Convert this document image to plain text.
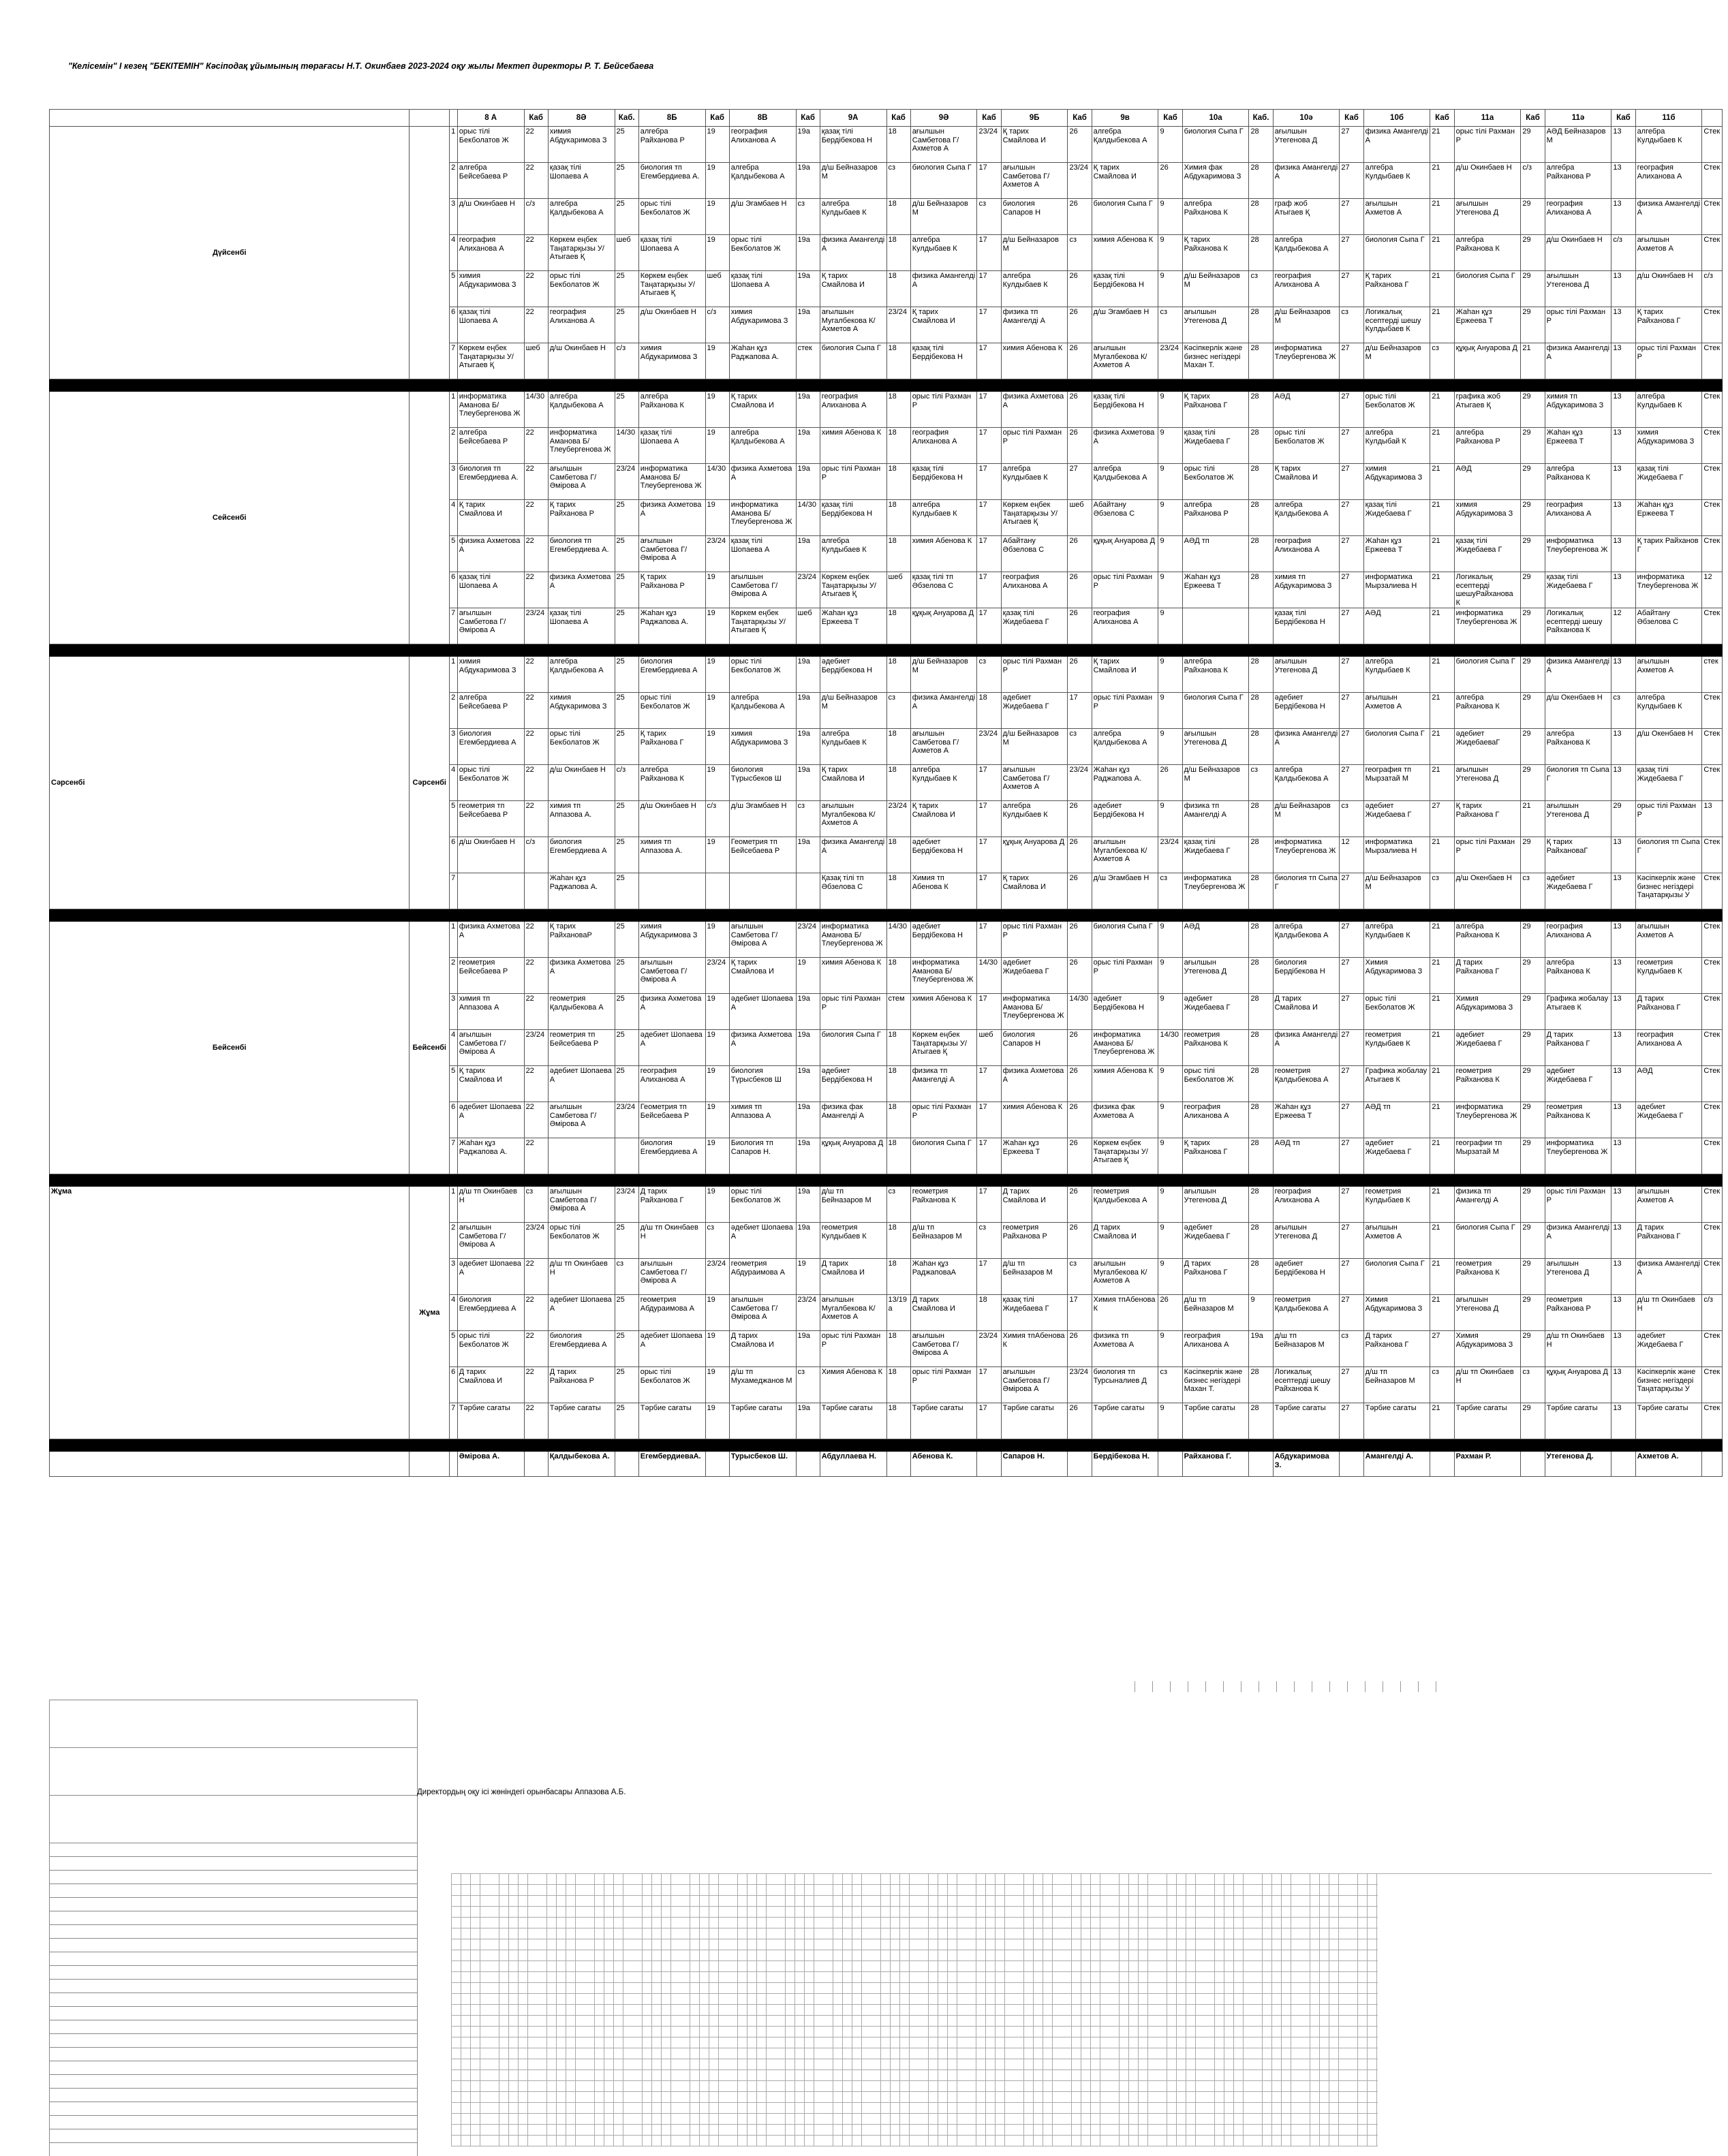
"Келісемін" І кезең "БЕКІТЕМІН" Кәсіподақ ұйымының төрағасы Н.Т. Окинбаев 2023-2024 оқу жылы Мектеп директоры Р. Т. Бейсебаева
			8 А	Каб	8Ә	Каб.	8Б	Каб	8В	Каб	9А	Каб	9Ә	Каб	9Б	Каб	9в	Каб	10а	Каб.	10ә	Каб	10б	Каб	11а	Каб	11ә	Каб	11б		
Дүйсенбі		1	орыс тілі Бекболатов Ж	22	химия Абдукаримова З	25	алгебра Райханова Р	19	география Алиханова А	19а	қазақ тілі Бердібекова Н	18	ағылшын Самбетова Г/Ахметов А	23/24	Қ тарих Смайлова И	26	алгебра Қалдыбекова А	9	биология Сыпа Г	28	ағылшын Утегенова Д	27	физика Амангелді А	21	орыс тілі Рахман Р	29	АӘД Бейназаров М	13	алгебра Кулдыбаев К	Стек	
		2	алгебра Бейсебаева Р	22	қазақ тілі Шопаева А	25	биология тп Егембердиева А.	19	алгебра Қалдыбекова А	19а	д/ш Бейназаров М	сз	биология Сыпа Г	17	ағылшын Самбетова Г/Ахметов А	23/24	Қ тарих Смайлова И	26	Химия фак Абдукаримова З	28	физика Амангелді А	27	алгебра Кулдыбаев К	21	д/ш Окинбаев Н	с/з	алгебра Райханова Р	13	география Алиханова А	Стек	
		3	д/ш Окинбаев Н	с/з	алгебра Қалдыбекова А	25	орыс тілі Бекболатов Ж	19	д/ш Эгамбаев Н	сз	алгебра Кулдыбаев К	18	д/ш Бейназаров М	сз	биология Сапаров Н	26	биология Сыпа Г	9	алгебра Райханова К	28	граф жоб Атыгаев Қ	27	ағылшын Ахметов А	21	ағылшын Утегенова Д	29	география Алиханова А	13	физика Амангелді А	Стек	
		4	география Алиханова А	22	Көркем еңбек Таңатарқызы У/Атыгаев Қ	шеб	қазақ тілі Шопаева А	19	орыс тілі Бекболатов Ж	19а	физика Амангелді А	18	алгебра Кулдыбаев К	17	д/ш Бейназаров М	сз	химия Абенова К	9	Қ тарих Райханова К	28	алгебра Қалдыбекова А	27	биология Сыпа Г	21	алгебра Райханова К	29	д/ш Окинбаев Н	с/з	ағылшын Ахметов А	Стек	
		5	химия Абдукаримова З	22	орыс тілі Бекболатов Ж	25	Көркем еңбек Таңатарқызы У/Атыгаев Қ	шеб	қазақ тілі Шопаева А	19а	Қ тарих Смайлова И	18	физика Амангелді А	17	алгебра Кулдыбаев К	26	қазақ тілі Бердібекова Н	9	д/ш Бейназаров М	сз	география Алиханова А	27	Қ тарих Райханова Г	21	биология Сыпа Г	29	ағылшын Утегенова Д	13	д/ш Окинбаев Н	с/з	
		6	қазақ тілі Шопаева А	22	география Алиханова А	25	д/ш Окинбаев Н	с/з	химия Абдукаримова З	19а	ағылшын Мугалбекова К/Ахметов А	23/24	Қ тарих Смайлова И	17	физика тп Амангелді А	26	д/ш Эгамбаев Н	сз	ағылшын Утегенова Д	28	д/ш Бейназаров М	сз	Логикалық есептерді шешу Кулдыбаев К	21	Жаһан құз Ержеева Т	29	орыс тілі Рахман Р	13	Қ тарих Райханова Г	Стек	
		7	Көркем еңбек Таңатарқызы У/Атыгаев Қ	шеб	д/ш Окинбаев Н	с/з	химия Абдукаримова З	19	Жаһан құз Раджапова А.	стек	биология Сыпа Г	18	қазақ тілі Бердібекова Н	17	химия Абенова К	26	ағылшын Мугалбекова К/Ахметов А	23/24	Кәсіпкерлік және бизнес негіздері Махан Т.	28	информатика Тлеубергенова Ж	27	д/ш Бейназаров М	сз	құқық Ануарова Д	21	физика Амангелді А	13	орыс тілі Рахман Р	Стек	

Сейсенбі		1	информатика Аманова Б/Тлеубергенова Ж	14/30	алгебра Қалдыбекова А	25	алгебра Райханова К	19	Қ тарих Смайлова И	19а	география Алиханова А	18	орыс тілі Рахман Р	17	физика Ахметова А	26	қазақ тілі Бердібекова Н	9	Қ тарих Райханова Г	28	АӘД	27	орыс тілі Бекболатов Ж	21	графика жоб Атыгаев Қ	29	химия тп Абдукаримова З	13	алгебра Кулдыбаев К	Стек	
		2	алгебра Бейсебаева Р	22	информатика Аманова Б/Тлеубергенова Ж	14/30	қазақ тілі Шопаева А	19	алгебра Қалдыбекова А	19а	химия Абенова К	18	география Алиханова А	17	орыс тілі Рахман Р	26	физика Ахметова А	9	қазақ тілі Жидебаева Г	28	орыс тілі Бекболатов Ж	27	алгебра Кулдыбай К	21	алгебра Райханова Р	29	Жаһан құз Ержеева Т	13	химия Абдукаримова З	Стек	
		3	биология тп Егембердиева А.	22	ағылшын Самбетова Г/Әмірова А	23/24	информатика Аманова Б/Тлеубергенова Ж	14/30	физика Ахметова А	19а	орыс тілі Рахман Р	18	қазақ тілі Бердібекова Н	17	алгебра Кулдыбаев К	27	алгебра Қалдыбекова А	9	орыс тілі Бекболатов Ж	28	Қ тарих Смайлова И	27	химия Абдукаримова З	21	АӘД	29	алгебра Райханова К	13	қазақ тілі Жидебаева Г	Стек	
		4	Қ тарих Смайлова И	22	Қ тарих Райханова Р	25	физика Ахметова А	19	информатика Аманова Б/Тлеубергенова Ж	14/30	қазақ тілі Бердібекова Н	18	алгебра Кулдыбаев К	17	Көркем еңбек Таңатарқызы У/Атыгаев Қ	шеб	Абайтану Әбзелова С	9	алгебра Райханова Р	28	алгебра Қалдыбекова А	27	қазақ тілі Жидебаева Г	21	химия Абдукаримова З	29	география Алиханова А	13	Жаһан құз Ержеева Т	Стек	
		5	физика Ахметова А	22	биология тп Егембердиева А.	25	ағылшын Самбетова Г/Әмірова А	23/24	қазақ тілі Шопаева А	19а	алгебра Кулдыбаев К	18	химия Абенова К	17	Абайтану Әбзелова С	26	құқық Ануарова Д	9	АӘД тп	28	география Алиханова А	27	Жаһан құз Ержеева Т	21	қазақ тілі Жидебаева Г	29	информатика Тлеубергенова Ж	13	Қ тарих Райханов Г	Стек	
		6	қазақ тілі Шопаева А	22	физика Ахметова А	25	Қ тарих Райханова Р	19	ағылшын Самбетова Г/Әмірова А	23/24	Көркем еңбек Таңатарқызы У/Атыгаев Қ	шеб	қазақ тілі тп Әбзелова С	17	география Алиханова А	26	орыс тілі Рахман Р	9	Жаһан құз Ержеева Т	28	химия тп Абдукаримова З	27	информатика Мырзалиева Н	21	Логикалық есептерді шешуРайханова К	29	қазақ тілі Жидебаева Г	13	информатика Тлеубергенова Ж	12	
		7	ағылшын Самбетова Г/Әмірова А	23/24	қазақ тілі Шопаева А	25	Жаһан құз Раджапова А.	19	Көркем еңбек Таңатарқызы У/Атыгаев Қ	шеб	Жаһан құз Ержеева Т	18	құқық Ануарова Д	17	қазақ тілі Жидебаева Г	26	география Алиханова А	9			қазақ тілі Бердібекова Н	27	АӘД	21	информатика Тлеубергенова Ж	29	Логикалық есептерді шешу Райханова К	12	Абайтану Әбзелова С	Стек	

Сәрсенбі	Сәрсенбі	1	химия Абдукаримова З	22	алгебра Қалдыбекова А	25	биология Егембердиева А	19	орыс тілі Бекболатов Ж	19а	әдебиет Бердібекова Н	18	д/ш Бейназаров М	сз	орыс тілі Рахман Р	26	Қ тарих Смайлова И	9	алгебра Райханова К	28	ағылшын Утегенова Д	27	алгебра Кулдыбаев К	21	биология Сыпа Г	29	физика Амангелді А	13	ағылшын Ахметов А	стек	
		2	алгебра Бейсебаева Р	22	химия Абдукаримова З	25	орыс тілі Бекболатов Ж	19	алгебра Қалдыбекова А	19а	д/ш Бейназаров М	сз	физика Амангелді А	18	әдебиет Жидебаева Г	17	орыс тілі Рахман Р	9	биология Сыпа Г	28	әдебиет Бердібекова Н	27	ағылшын Ахметов А	21	алгебра Райханова К	29	д/ш Окенбаев Н	сз	алгебра Кулдыбаев К	Стек	
		3	биология Егембердиева А	22	орыс тілі Бекболатов Ж	25	Қ тарих Райханова Г	19	химия Абдукаримова З	19а	алгебра Кулдыбаев К	18	ағылшын Самбетова Г/Ахметов А	23/24	д/ш Бейназаров М	сз	алгебра Қалдыбекова А	9	ағылшын Утегенова Д	28	физика Амангелді А	27	биология Сыпа Г	21	әдебиет ЖидебаеваГ	29	алгебра Райханова К	13	д/ш Окенбаев Н	Стек	
		4	орыс тілі Бекболатов Ж	22	д/ш Окинбаев Н	с/з	алгебра Райханова К	19	биология Түрысбеков Ш	19а	Қ тарих Смайлова И	18	алгебра Кулдыбаев К	17	ағылшын Самбетова Г/Ахметов А	23/24	Жаһан құз Раджапова А.	26	д/ш Бейназаров М	сз	алгебра Қалдыбекова А	27	география тп Мырзатай М	21	ағылшын Утегенова Д	29	биология тп Сыпа Г	13	қазақ тілі Жидебаева Г	Стек	
		5	геометрия тп Бейсебаева Р	22	химия тп Аппазова А.	25	д/ш Окинбаев Н	с/з	д/ш Эгамбаев Н	сз	ағылшын Мугалбекова К/Ахметов А	23/24	Қ тарих Смайлова И	17	алгебра Кулдыбаев К	26	әдебиет Бердібекова Н	9	физика тп Амангелді А	28	д/ш Бейназаров М	сз	әдебиет Жидебаева Г	27	Қ тарих Райханова Г	21	ағылшын Утегенова Д	29	орыс тілі Рахман Р	13		
		6	д/ш Окинбаев Н	с/з	биология Егембердиева А	25	химия тп Аппазова А.	19	Геометрия тп Бейсебаева Р	19а	физика Амангелді А	18	әдебиет Бердібекова Н	17	құқық Ануарова Д	26	ағылшын Мугалбекова К/Ахметов А	23/24	қазақ тілі Жидебаева Г	28	информатика Тлеубергенова Ж	12	информатика Мырзалиева Н	21	орыс тілі Рахман Р	29	Қ тарих РайхановаГ	13	биология тп Сыпа Г	Стек	
		7			Жаһан құз Раджапова А.	25					Қазақ тілі тп Әбзелова С	18	Химия тп Абенова К	17	Қ тарих Смайлова И	26	д/ш Эгамбаев Н	сз	информатика Тлеубергенова Ж	28	биология тп Сыпа Г	27	д/ш Бейназаров М	сз	д/ш Окенбаев Н	сз	әдебиет Жидебаева Г	13	Кәсіпкерлік және бизнес негіздері Таңатарқызы У	Стек	

Бейсенбі	Бейсенбі	1	физика Ахметова А	22	Қ тарих РайхановаР	25	химия Абдукаримова З	19	ағылшын Самбетова Г/Әмірова А	23/24	информатика Аманова Б/Тлеубергенова Ж	14/30	әдебиет Бердібекова Н	17	орыс тілі Рахман Р	26	биология Сыпа Г	9	АӘД	28	алгебра Қалдыбекова А	27	алгебра Кулдыбаев К	21	алгебра Райханова К	29	география Алиханова А	13	ағылшын Ахметов А	Стек	
		2	геометрия Бейсебаева Р	22	физика Ахметова А	25	ағылшын Самбетова Г/Әмірова А	23/24	Қ тарих Смайлова И	19	химия Абенова К	18	информатика Аманова Б/Тлеубергенова Ж	14/30	әдебиет Жидебаева Г	26	орыс тілі Рахман Р	9	ағылшын Утегенова Д	28	биология Бердібекова Н	27	Химия Абдукаримова З	21	Д тарих Райханова Г	29	алгебра Райханова К	13	геометрия Кулдыбаев К	Стек	
		3	химия тп Аппазова А	22	геометрия Қалдыбекова А	25	физика Ахметова А	19	әдебиет Шопаева А	19а	орыс тілі Рахман Р	стем	химия Абенова К	17	информатика Аманова Б/Тлеубергенова Ж	14/30	әдебиет Бердібекова Н	9	әдебиет Жидебаева Г	28	Д тарих Смайлова И	27	орыс тілі Бекболатов Ж	21	Химия Абдукаримова З	29	Графика жобалау Атыгаев К	13	Д тарих Райханова Г	Стек	
		4	ағылшын Самбетова Г/Әмірова А	23/24	геометрия тп Бейсебаева Р	25	әдебиет Шопаева А	19	физика Ахметова А	19а	биология Сыпа Г	18	Көркем еңбек Таңатарқызы У/Атыгаев Қ	шеб	биология Сапаров Н	26	информатика Аманова Б/Тлеубергенова Ж	14/30	геометрия Райханова К	28	физика Амангелді А	27	геометрия Кулдыбаев К	21	әдебиет Жидебаева Г	29	Д тарих Райханова Г	13	география Алиханова А	Стек	
		5	Қ тарих Смайлова И	22	әдебиет Шопаева А	25	география Алиханова А	19	биология Түрысбеков Ш	19а	әдебиет Бердібекова Н	18	физика тп Амангелді А	17	физика Ахметова А	26	химия Абенова К	9	орыс тілі Бекболатов Ж	28	геометрия Қалдыбекова А	27	Графика жобалау Атыгаев К	21	геометрия Райханова К	29	әдебиет Жидебаева Г	13	АӘД	Стек	
		6	әдебиет Шопаева А	22	ағылшын Самбетова Г/Әмірова А	23/24	Геометрия тп Бейсебаева Р	19	химия тп Аппазова А	19а	физика фак Амангелді А	18	орыс тілі Рахман Р	17	химия Абенова К	26	физика фак Ахметова А	9	география Алиханова А	28	Жаһан құз Ержеева Т	27	АӘД тп	21	информатика Тлеубергенова Ж	29	геометрия Райханова К	13	әдебиет Жидебаева Г	Стек	
		7	Жаһан құз Раджапова А.	22			биология Егембердиева А	19	Биология тп Сапаров Н.	19а	құқық Ануарова Д	18	биология Сыпа Г	17	Жаһан құз Ержеева Т	26	Көркем еңбек Таңатарқызы У/Атыгаев Қ	9	Қ тарих Райханова Г	28	АӘД тп	27	әдебиет Жидебаева Г	21	географии тп Мырзатай М	29	информатика Тлеубергенова Ж	13		Стек	

Жұма	Жұма	1	д/ш тп Окинбаев Н	сз	ағылшын Самбетова Г/Әмірова А	23/24	Д тарих Райханова Г	19	орыс тілі Бекболатов Ж	19а	д/ш тп Бейназаров М	сз	геометрия Райханова К	17	Д тарих Смайлова И	26	геометрия Қалдыбекова А	9	ағылшын Утегенова Д	28	география Алиханова А	27	геометрия Кулдыбаев К	21	физика тп Амангелді А	29	орыс тілі Рахман Р	13	ағылшын Ахметов А	Стек	
		2	ағылшын Самбетова Г/Әмірова А	23/24	орыс тілі Бекболатов Ж	25	д/ш тп Окинбаев Н	сз	әдебиет Шопаева А	19а	геометрия Кулдыбаев К	18	д/ш тп Бейназаров М	сз	геометрия Райханова Р	26	Д тарих Смайлова И	9	әдебиет Жидебаева Г	28	ағылшын Утегенова Д	27	ағылшын Ахметов А	21	биология Сыпа Г	29	физика Амангелді А	13	Д тарих Райханова Г	Стек	
		3	әдебиет Шопаева А	22	д/ш тп Окинбаев Н	сз	ағылшын Самбетова Г/Әмірова А	23/24	геометрия Абдураимова А	19	Д тарих Смайлова И	18	Жаһан құз РаджаповаА	17	д/ш тп Бейназаров М	сз	ағылшын Мугалбекова К/Ахметов А	9	Д тарих Райханова Г	28	әдебиет Бердібекова Н	27	биология Сыпа Г	21	геометрия Райханова К	29	ағылшын Утегенова Д	13	физика Амангелді А	Стек	
		4	биология Егембердиева А	22	әдебиет Шопаева А	25	геометрия Абдураимова А	19	ағылшын Самбетова Г/Әмірова А	23/24	ағылшын Мугалбекова К/Ахметов А	13/19а	Д тарих Смайлова И	18	қазақ тілі Жидебаева Г	17	Химия тпАбенова К	26	д/ш тп Бейназаров М	9	геометрия Қалдыбекова А	27	Химия Абдукаримова З	21	ағылшын Утегенова Д	29	геометрия Райханова Р	13	д/ш тп Окинбаев Н	с/з	
		5	орыс тілі Бекболатов Ж	22	биология Егембердиева А	25	әдебиет Шопаева А	19	Д тарих Смайлова И	19а	орыс тілі Рахман Р	18	ағылшын Самбетова Г/Әмірова А	23/24	Химия тпАбенова К	26	физика тп Ахметова А	9	география Алиханова А	19а	д/ш тп Бейназаров М	сз	Д тарих Райханова Г	27	Химия Абдукаримова З	29	д/ш тп Окинбаев Н	13	әдебиет Жидебаева Г	Стек	
		6	Д тарих Смайлова И	22	Д тарих Райханова Р	25	орыс тілі Бекболатов Ж	19	д/ш тп Мухамеджанов М	сз	Химия Абенова К	18	орыс тілі Рахман Р	17	ағылшын Самбетова Г/Әмірова А	23/24	биология тп Турсыналиев Д	сз	Кәсіпкерлік және бизнес негіздері Махан Т.	28	Логикалық есептерді шешу Райханова К	27	д/ш тп Бейназаров М	сз	д/ш тп Окинбаев Н	сз	құқық Ануарова Д	13	Кәсіпкерлік және бизнес негіздері Таңатарқызы У	Стек	
		7	Тәрбие сағаты	22	Тәрбие сағаты	25	Тәрбие сағаты	19	Тәрбие сағаты	19а	Тәрбие сағаты	18	Тәрбие сағаты	17	Тәрбие сағаты	26	Тәрбие сағаты	9	Тәрбие сағаты	28	Тәрбие сағаты	27	Тәрбие сағаты	21	Тәрбие сағаты	29	Тәрбие сағаты	13	Тәрбие сағаты	Стек	

			Әмірова А.		Қалдыбекова А.		ЕгембердиеваА.		Турысбеков Ш.		Абдуллаева Н.		Абенова К.		Сапаров Н.		Бердібекова Н.		Райханова Г.		Абдукаримова З.		Амангелді А.		Рахман Р.		Утегенова Д.		Ахметов А.		
Директордың оқу ісі жөніндегі орынбасары Аппазова А.Б.
